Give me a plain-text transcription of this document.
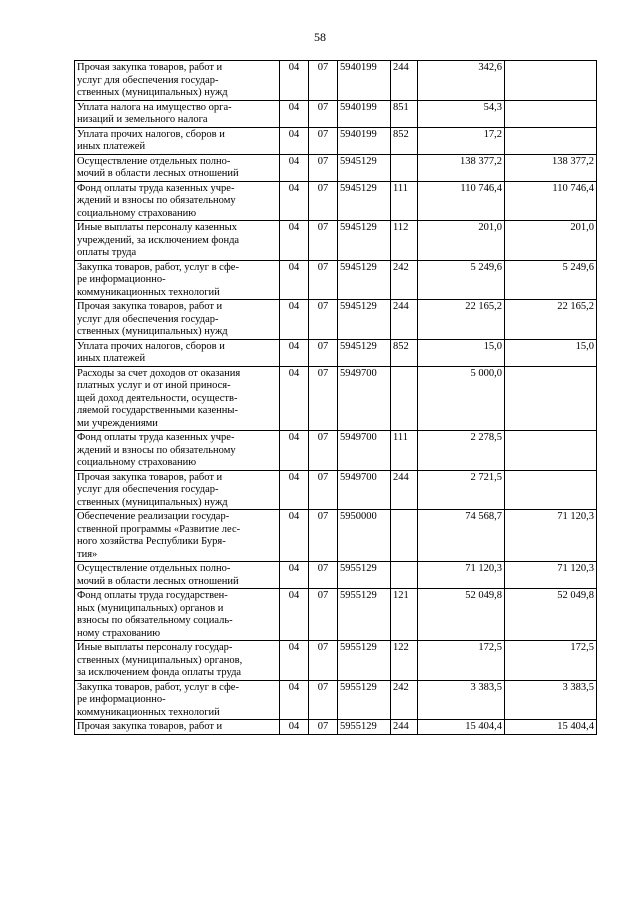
58
Прочая закупка товаров, работ и
услуг для обеспечения государ-
ственных (муниципальных) нужд	04	07	5940199	244	342,6	

Уплата налога на имущество орга-
низаций и земельного налога	04	07	5940199	851	54,3	

Уплата прочих налогов, сборов и
иных платежей	04	07	5940199	852	17,2	

Осуществление отдельных полно-
мочий в области лесных отношений	04	07	5945129		138 377,2	138 377,2

Фонд оплаты труда казенных учре-
ждений и взносы по обязательному
социальному страхованию	04	07	5945129	111	110 746,4	110 746,4

Иные выплаты персоналу казенных
учреждений, за исключением фонда
оплаты труда	04	07	5945129	112	201,0	201,0

Закупка товаров, работ, услуг в сфе-
ре информационно-
коммуникационных технологий	04	07	5945129	242	5 249,6	5 249,6

Прочая закупка товаров, работ и
услуг для обеспечения государ-
ственных (муниципальных) нужд	04	07	5945129	244	22 165,2	22 165,2

Уплата прочих налогов, сборов и
иных платежей	04	07	5945129	852	15,0	15,0

Расходы за счет доходов от оказания
платных услуг и от иной принося-
щей доход деятельности, осуществ-
ляемой государственными казенны-
ми учреждениями	04	07	5949700		5 000,0	

Фонд оплаты труда казенных учре-
ждений и взносы по обязательному
социальному страхованию	04	07	5949700	111	2 278,5	

Прочая закупка товаров, работ и
услуг для обеспечения государ-
ственных (муниципальных) нужд	04	07	5949700	244	2 721,5	

Обеспечение реализации государ-
ственной программы «Развитие лес-
ного хозяйства Республики Буря-
тия»	04	07	5950000		74 568,7	71 120,3

Осуществление отдельных полно-
мочий в области лесных отношений	04	07	5955129		71 120,3	71 120,3

Фонд оплаты труда государствен-
ных (муниципальных) органов и
взносы по обязательному социаль-
ному страхованию	04	07	5955129	121	52 049,8	52 049,8

Иные выплаты персоналу государ-
ственных (муниципальных) органов,
за исключением фонда оплаты труда	04	07	5955129	122	172,5	172,5

Закупка товаров, работ, услуг в сфе-
ре информационно-
коммуникационных технологий	04	07	5955129	242	3 383,5	3 383,5

Прочая закупка товаров, работ и	04	07	5955129	244	15 404,4	15 404,4
